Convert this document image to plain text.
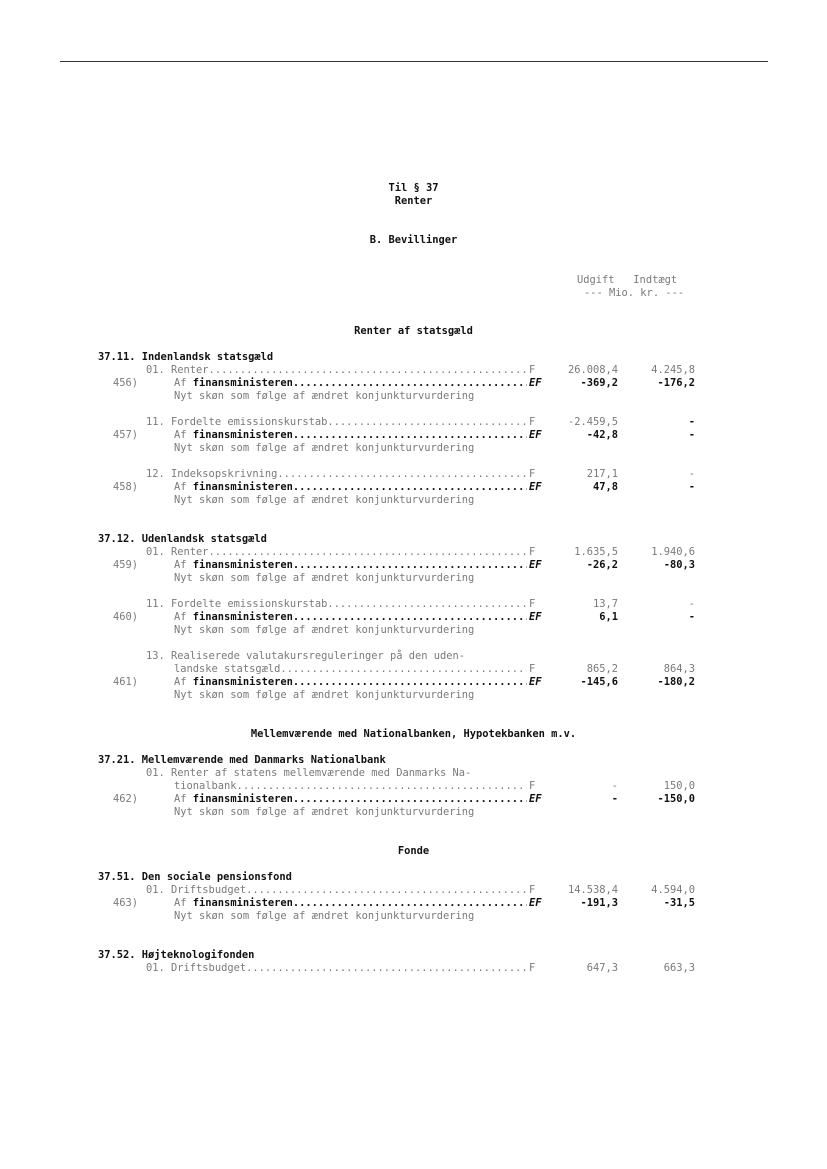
Til § 37
Renter
B. Bevillinger
Udgift   Indtægt
--- Mio. kr. ---
Renter af statsgæld
37.11. Indenlandsk statsgæld
01. Renter .....	F	26.008,4	4.245,8
456)	Af finansministeren .....	EF	-369,2	-176,2
Nyt skøn som følge af ændret konjunkturvurdering
11. Fordelte emissionskurstab .....	F	-2.459,5	-
457)	Af finansministeren .....	EF	-42,8	-
Nyt skøn som følge af ændret konjunkturvurdering
12. Indeksopskrivning .....	F	217,1	-
458)	Af finansministeren .....	EF	47,8	-
Nyt skøn som følge af ændret konjunkturvurdering
37.12. Udenlandsk statsgæld
01. Renter .....	F	1.635,5	1.940,6
459)	Af finansministeren .....	EF	-26,2	-80,3
Nyt skøn som følge af ændret konjunkturvurdering
11. Fordelte emissionskurstab .....	F	13,7	-
460)	Af finansministeren .....	EF	6,1	-
Nyt skøn som følge af ændret konjunkturvurdering
13. Realiserede valutakursreguleringer på den uden-
landske statsgæld .....	F	865,2	864,3
461)	Af finansministeren .....	EF	-145,6	-180,2
Nyt skøn som følge af ændret konjunkturvurdering
Mellemværende med Nationalbanken, Hypotekbanken m.v.
37.21. Mellemværende med Danmarks Nationalbank
01. Renter af statens mellemværende med Danmarks Na-
tionalbank .....	F	-	150,0
462)	Af finansministeren .....	EF	-	-150,0
Nyt skøn som følge af ændret konjunkturvurdering
Fonde
37.51. Den sociale pensionsfond
01. Driftsbudget .....	F	14.538,4	4.594,0
463)	Af finansministeren .....	EF	-191,3	-31,5
Nyt skøn som følge af ændret konjunkturvurdering
37.52. Højteknologifonden
01. Driftsbudget .....	F	647,3	663,3
